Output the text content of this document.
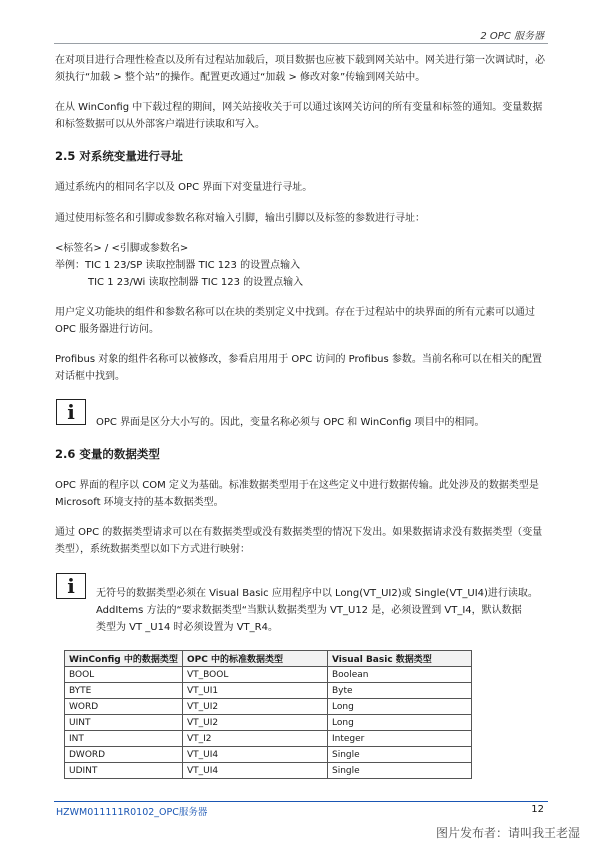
2 OPC 服务器
在对项目进行合理性检查以及所有过程站加载后，项目数据也应被下载到网关站中。网关进行第一次调试时，必须执行“加载 > 整个站”的操作。配置更改通过“加载 > 修改对象”传输到网关站中。
在从 WinConfig 中下载过程的期间，网关站接收关于可以通过该网关访问的所有变量和标签的通知。变量数据和标签数据可以从外部客户端进行读取和写入。
2.5 对系统变量进行寻址
通过系统内的相同名字以及 OPC 界面下对变量进行寻址。
通过使用标签名和引脚或参数名称对输入引脚，输出引脚以及标签的参数进行寻址：
<标签名> / <引脚或参数名>
举例：TIC 1 23/SP 读取控制器 TIC 123 的设置点输入
TIC 1 23/Wi 读取控制器 TIC 123 的设置点输入
用户定义功能块的组件和参数名称可以在块的类别定义中找到。存在于过程站中的块界面的所有元素可以通过 OPC 服务器进行访问。
Profibus 对象的组件名称可以被修改，参看启用用于 OPC 访问的 Profibus 参数。当前名称可以在相关的配置对话框中找到。
i	OPC 界面是区分大小写的。因此，变量名称必须与 OPC 和 WinConfig 项目中的相同。
2.6 变量的数据类型
OPC 界面的程序以 COM 定义为基础。标准数据类型用于在这些定义中进行数据传输。此处涉及的数据类型是 Microsoft 环境支持的基本数据类型。
通过 OPC 的数据类型请求可以在有数据类型或没有数据类型的情况下发出。如果数据请求没有数据类型（变量类型），系统数据类型以如下方式进行映射：
i	无符号的数据类型必须在 Visual Basic 应用程序中以 Long(VT_UI2)或 Single(VT_UI4)进行读取。
AddItems 方法的“要求数据类型“当默认数据类型为 VT_U12 是，必须设置到 VT_I4，默认数据
类型为 VT _U14 时必须设置为 VT_R4。
WinConfig 中的数据类型	OPC 中的标准数据类型	Visual Basic 数据类型
BOOL	VT_BOOL	Boolean
BYTE	VT_UI1	Byte
WORD	VT_UI2	Long
UINT	VT_UI2	Long
INT	VT_I2	Integer
DWORD	VT_UI4	Single
UDINT	VT_UI4	Single
HZWM011111R0102_OPC服务器	12
图片发布者：请叫我王老湿
